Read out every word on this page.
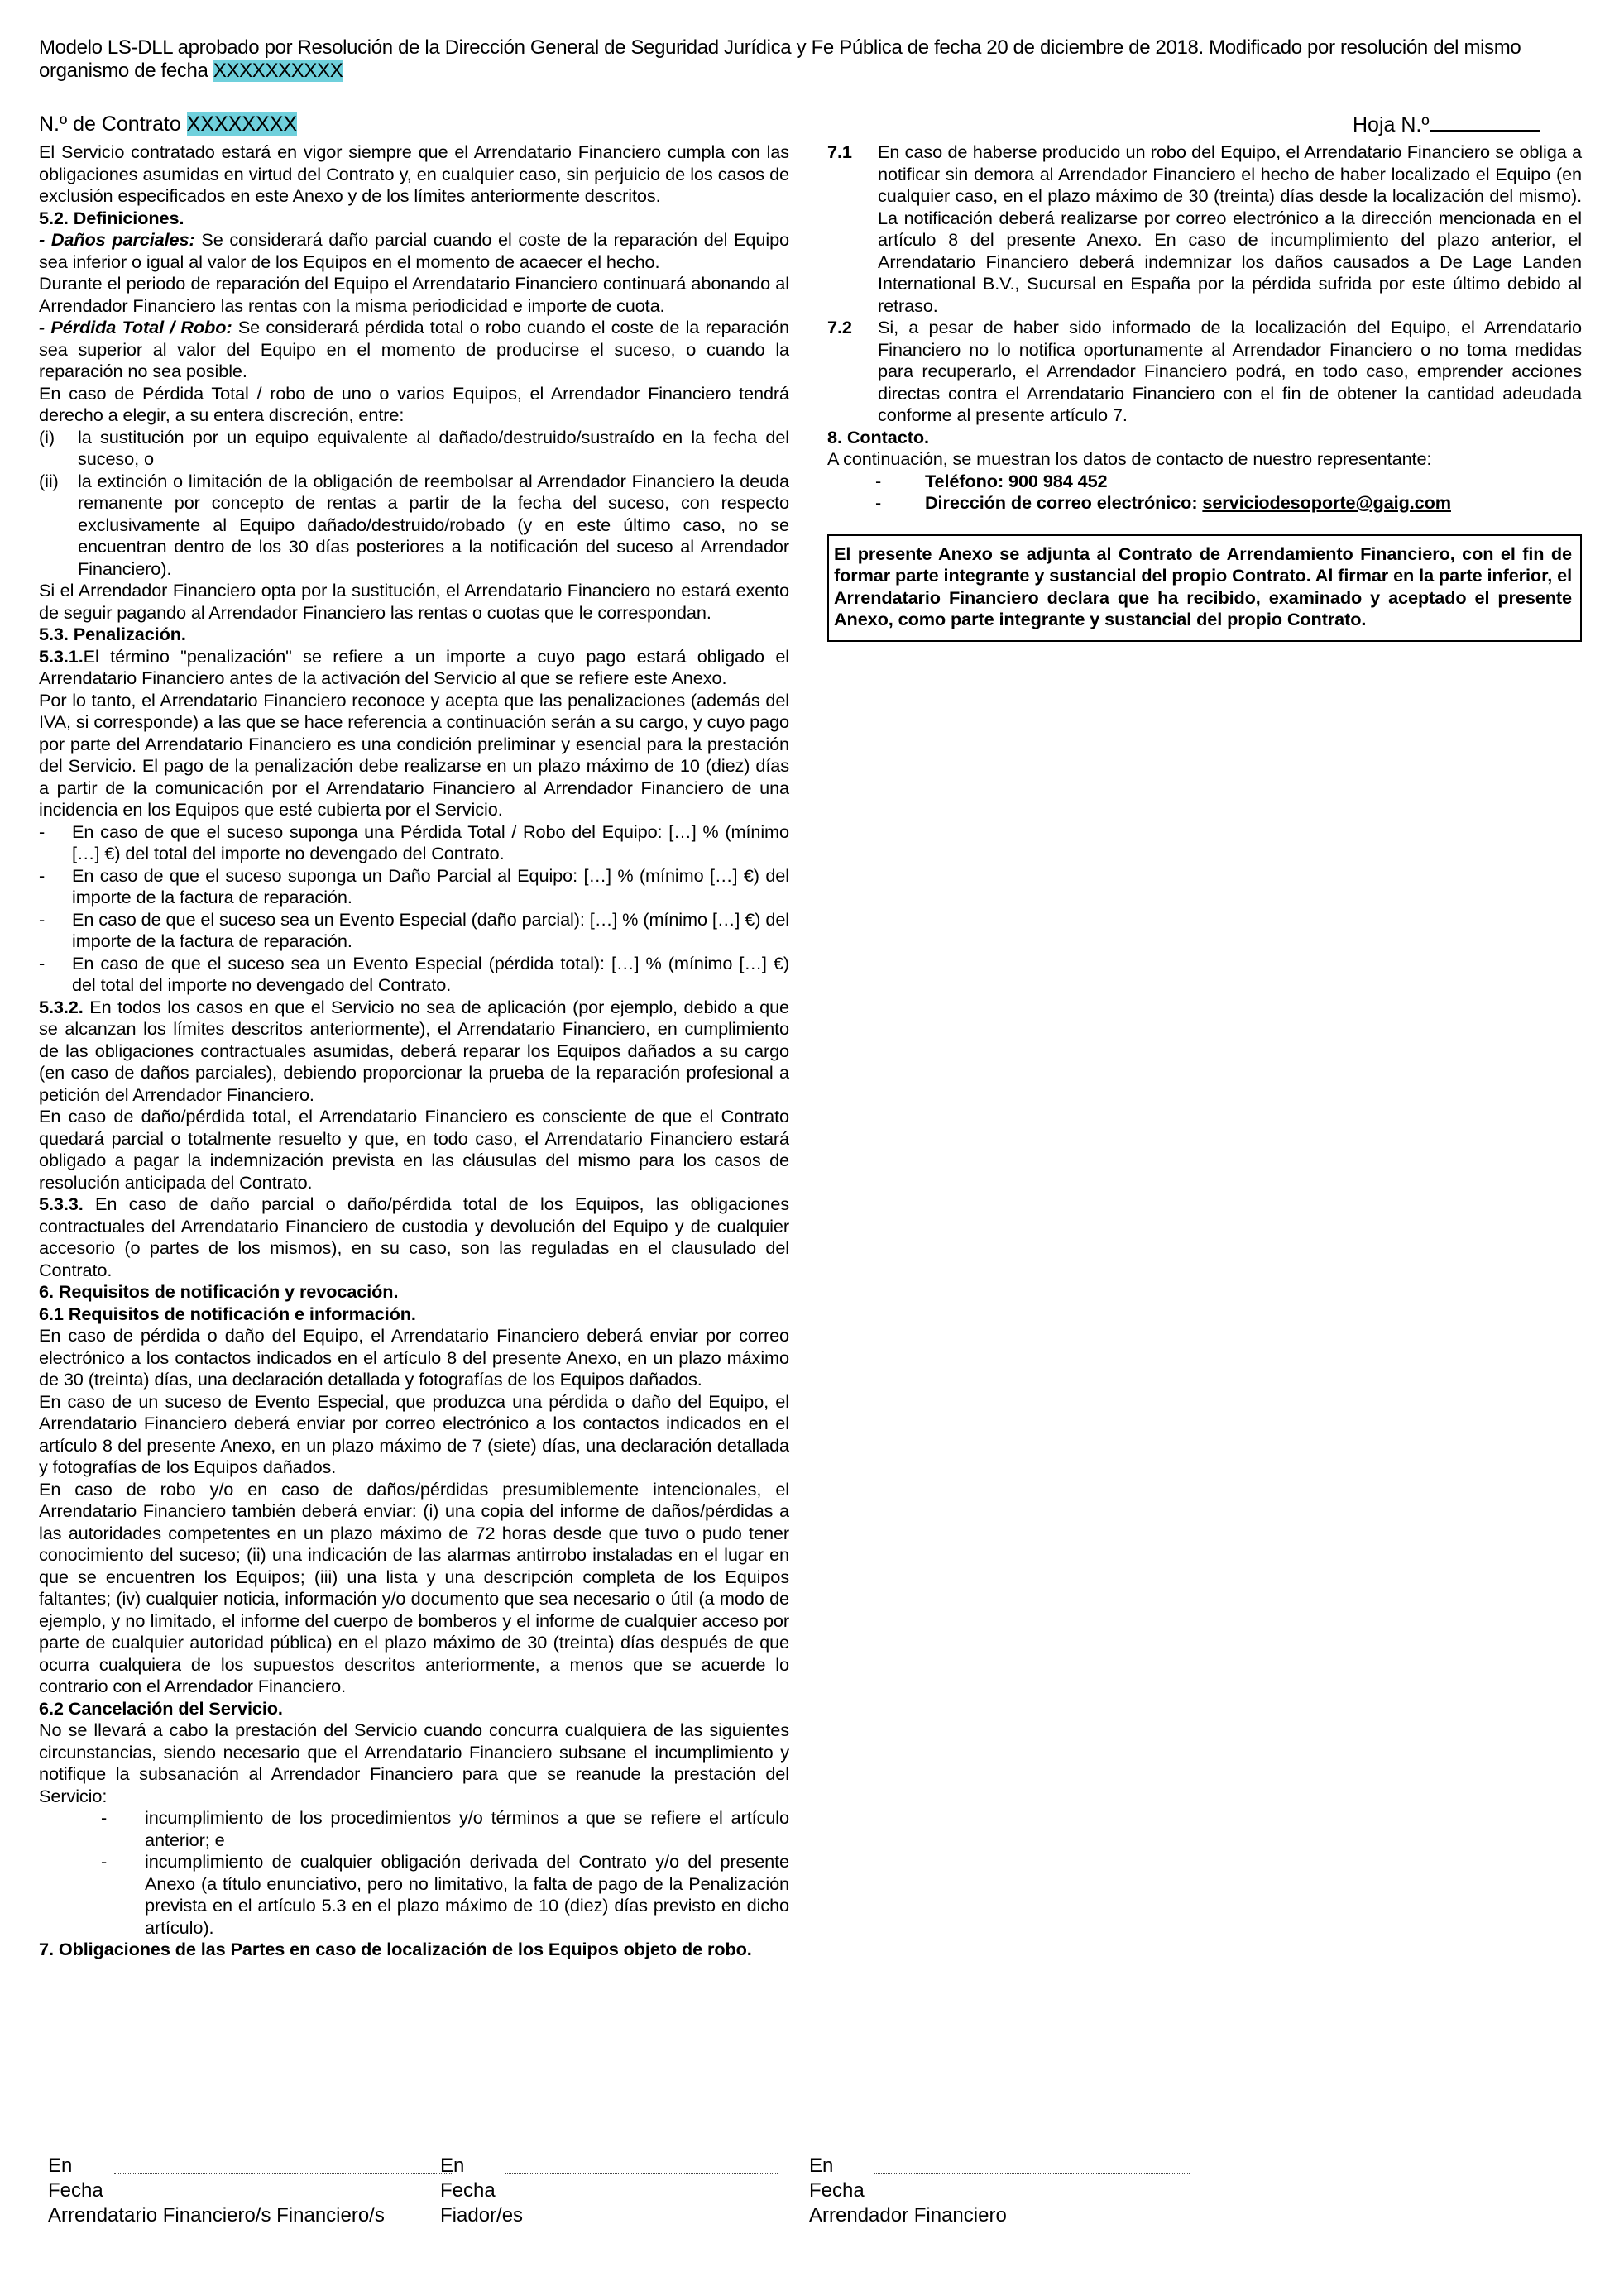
Modelo LS-DLL aprobado por Resolución de la Dirección General de Seguridad Jurídica y Fe Pública de fecha 20 de diciembre de 2018. Modificado por resolución del mismo organismo de fecha XXXXXXXXXX
N.º de Contrato XXXXXXXX	Hoja N.º

El Servicio contratado estará en vigor siempre que el Arrendatario Financiero cumpla con las obligaciones asumidas en virtud del Contrato y, en cualquier caso, sin perjuicio de los casos de exclusión especificados en este Anexo y de los límites anteriormente descritos.

5.2. Definiciones.

- Daños parciales: Se considerará daño parcial cuando el coste de la reparación del Equipo sea inferior o igual al valor de los Equipos en el momento de acaecer el hecho.

Durante el periodo de reparación del Equipo el Arrendatario Financiero continuará abonando al Arrendador Financiero las rentas con la misma periodicidad e importe de cuota.

- Pérdida Total / Robo: Se considerará pérdida total o robo cuando el coste de la reparación sea superior al valor del Equipo en el momento de producirse el suceso, o cuando la reparación no sea posible.

En caso de Pérdida Total / robo de uno o varios Equipos, el Arrendador Financiero tendrá derecho a elegir, a su entera discreción, entre:

(i) la sustitución por un equipo equivalente al dañado/destruido/sustraído en la fecha del suceso, o

(ii) la extinción o limitación de la obligación de reembolsar al Arrendador Financiero la deuda remanente por concepto de rentas a partir de la fecha del suceso, con respecto exclusivamente al Equipo dañado/destruido/robado (y en este último caso, no se encuentran dentro de los 30 días posteriores a la notificación del suceso al Arrendador Financiero).

Si el Arrendador Financiero opta por la sustitución, el Arrendatario Financiero no estará exento de seguir pagando al Arrendador Financiero las rentas o cuotas que le correspondan.

5.3. Penalización.

5.3.1.El término "penalización" se refiere a un importe a cuyo pago estará obligado el Arrendatario Financiero antes de la activación del Servicio al que se refiere este Anexo.

Por lo tanto, el Arrendatario Financiero reconoce y acepta que las penalizaciones (además del IVA, si corresponde) a las que se hace referencia a continuación serán a su cargo, y cuyo pago por parte del Arrendatario Financiero es una condición preliminar y esencial para la prestación del Servicio. El pago de la penalización debe realizarse en un plazo máximo de 10 (diez) días a partir de la comunicación por el Arrendatario Financiero al Arrendador Financiero de una incidencia en los Equipos que esté cubierta por el Servicio.

- En caso de que el suceso suponga una Pérdida Total / Robo del Equipo: […] % (mínimo […] €) del total del importe no devengado del Contrato.

- En caso de que el suceso suponga un Daño Parcial al Equipo: […] % (mínimo […] €) del importe de la factura de reparación.

- En caso de que el suceso sea un Evento Especial (daño parcial): […] % (mínimo […] €) del importe de la factura de reparación.

- En caso de que el suceso sea un Evento Especial (pérdida total): […] % (mínimo […] €) del total del importe no devengado del Contrato.

5.3.2. En todos los casos en que el Servicio no sea de aplicación (por ejemplo, debido a que se alcanzan los límites descritos anteriormente), el Arrendatario Financiero, en cumplimiento de las obligaciones contractuales asumidas, deberá reparar los Equipos dañados a su cargo (en caso de daños parciales), debiendo proporcionar la prueba de la reparación profesional a petición del Arrendador Financiero.

En caso de daño/pérdida total, el Arrendatario Financiero es consciente de que el Contrato quedará parcial o totalmente resuelto y que, en todo caso, el Arrendatario Financiero estará obligado a pagar la indemnización prevista en las cláusulas del mismo para los casos de resolución anticipada del Contrato.

5.3.3. En caso de daño parcial o daño/pérdida total de los Equipos, las obligaciones contractuales del Arrendatario Financiero de custodia y devolución del Equipo y de cualquier accesorio (o partes de los mismos), en su caso, son las reguladas en el clausulado del Contrato.

6. Requisitos de notificación y revocación.

6.1 Requisitos de notificación e información.

En caso de pérdida o daño del Equipo, el Arrendatario Financiero deberá enviar por correo electrónico a los contactos indicados en el artículo 8 del presente Anexo, en un plazo máximo de 30 (treinta) días, una declaración detallada y fotografías de los Equipos dañados.

En caso de un suceso de Evento Especial, que produzca una pérdida o daño del Equipo, el Arrendatario Financiero deberá enviar por correo electrónico a los contactos indicados en el artículo 8 del presente Anexo, en un plazo máximo de 7 (siete) días, una declaración detallada y fotografías de los Equipos dañados.

En caso de robo y/o en caso de daños/pérdidas presumiblemente intencionales, el Arrendatario Financiero también deberá enviar: (i) una copia del informe de daños/pérdidas a las autoridades competentes en un plazo máximo de 72 horas desde que tuvo o pudo tener conocimiento del suceso; (ii) una indicación de las alarmas antirrobo instaladas en el lugar en que se encuentren los Equipos; (iii) una lista y una descripción completa de los Equipos faltantes; (iv) cualquier noticia, información y/o documento que sea necesario o útil (a modo de ejemplo, y no limitado, el informe del cuerpo de bomberos y el informe de cualquier acceso por parte de cualquier autoridad pública) en el plazo máximo de 30 (treinta) días después de que ocurra cualquiera de los supuestos descritos anteriormente, a menos que se acuerde lo contrario con el Arrendador Financiero.

6.2 Cancelación del Servicio.

No se llevará a cabo la prestación del Servicio cuando concurra cualquiera de las siguientes circunstancias, siendo necesario que el Arrendatario Financiero subsane el incumplimiento y notifique la subsanación al Arrendador Financiero para que se reanude la prestación del Servicio:

- incumplimiento de los procedimientos y/o términos a que se refiere el artículo anterior; e

- incumplimiento de cualquier obligación derivada del Contrato y/o del presente Anexo (a título enunciativo, pero no limitativo, la falta de pago de la Penalización prevista en el artículo 5.3 en el plazo máximo de 10 (diez) días previsto en dicho artículo).

7. Obligaciones de las Partes en caso de localización de los Equipos objeto de robo.

7.1 En caso de haberse producido un robo del Equipo, el Arrendatario Financiero se obliga a notificar sin demora al Arrendador Financiero el hecho de haber localizado el Equipo (en cualquier caso, en el plazo máximo de 30 (treinta) días desde la localización del mismo). La notificación deberá realizarse por correo electrónico a la dirección mencionada en el artículo 8 del presente Anexo. En caso de incumplimiento del plazo anterior, el Arrendatario Financiero deberá indemnizar los daños causados a De Lage Landen International B.V., Sucursal en España por la pérdida sufrida por este último debido al retraso.

7.2 Si, a pesar de haber sido informado de la localización del Equipo, el Arrendatario Financiero no lo notifica oportunamente al Arrendador Financiero o no toma medidas para recuperarlo, el Arrendador Financiero podrá, en todo caso, emprender acciones directas contra el Arrendatario Financiero con el fin de obtener la cantidad adeudada conforme al presente artículo 7.

8. Contacto.

A continuación, se muestran los datos de contacto de nuestro representante:

- Teléfono: 900 984 452

- Dirección de correo electrónico: serviciodesoporte@gaig.com

El presente Anexo se adjunta al Contrato de Arrendamiento Financiero, con el fin de formar parte integrante y sustancial del propio Contrato. Al firmar en la parte inferior, el Arrendatario Financiero declara que ha recibido, examinado y aceptado el presente Anexo, como parte integrante y sustancial del propio Contrato.
En
Fecha
Arrendatario Financiero/s Financiero/s
En
Fecha
Fiador/es
En
Fecha
Arrendador Financiero
